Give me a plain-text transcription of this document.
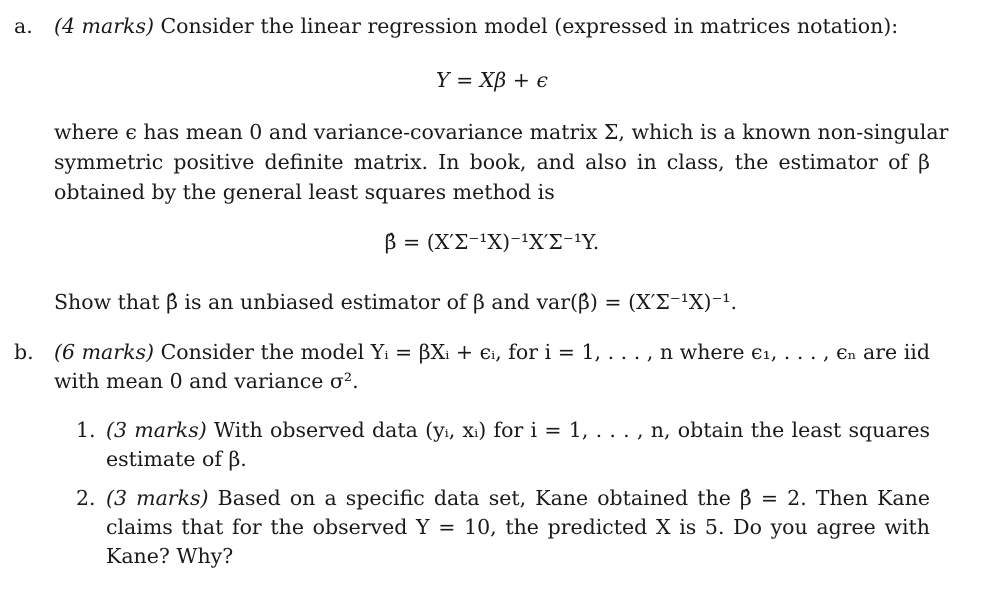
a. (4 marks) Consider the linear regression model (expressed in matrices notation):
Y = Xβ + ϵ
where ϵ has mean 0 and variance-covariance matrix Σ, which is a known non-singular
symmetric positive definite matrix. In book, and also in class, the estimator of β
obtained by the general least squares method is
β̂ = (X′Σ⁻¹X)⁻¹X′Σ⁻¹Y.
Show that β̂ is an unbiased estimator of β and var(β̂) = (X′Σ⁻¹X)⁻¹.
b. (6 marks) Consider the model Yᵢ = βXᵢ + ϵᵢ, for i = 1, . . . , n where ϵ₁, . . . , ϵₙ are iid
with mean 0 and variance σ².
1. (3 marks) With observed data (yᵢ, xᵢ) for i = 1, . . . , n, obtain the least squares
estimate of β.
2. (3 marks) Based on a specific data set, Kane obtained the β̂ = 2. Then Kane
claims that for the observed Y = 10, the predicted X is 5. Do you agree with
Kane? Why?
